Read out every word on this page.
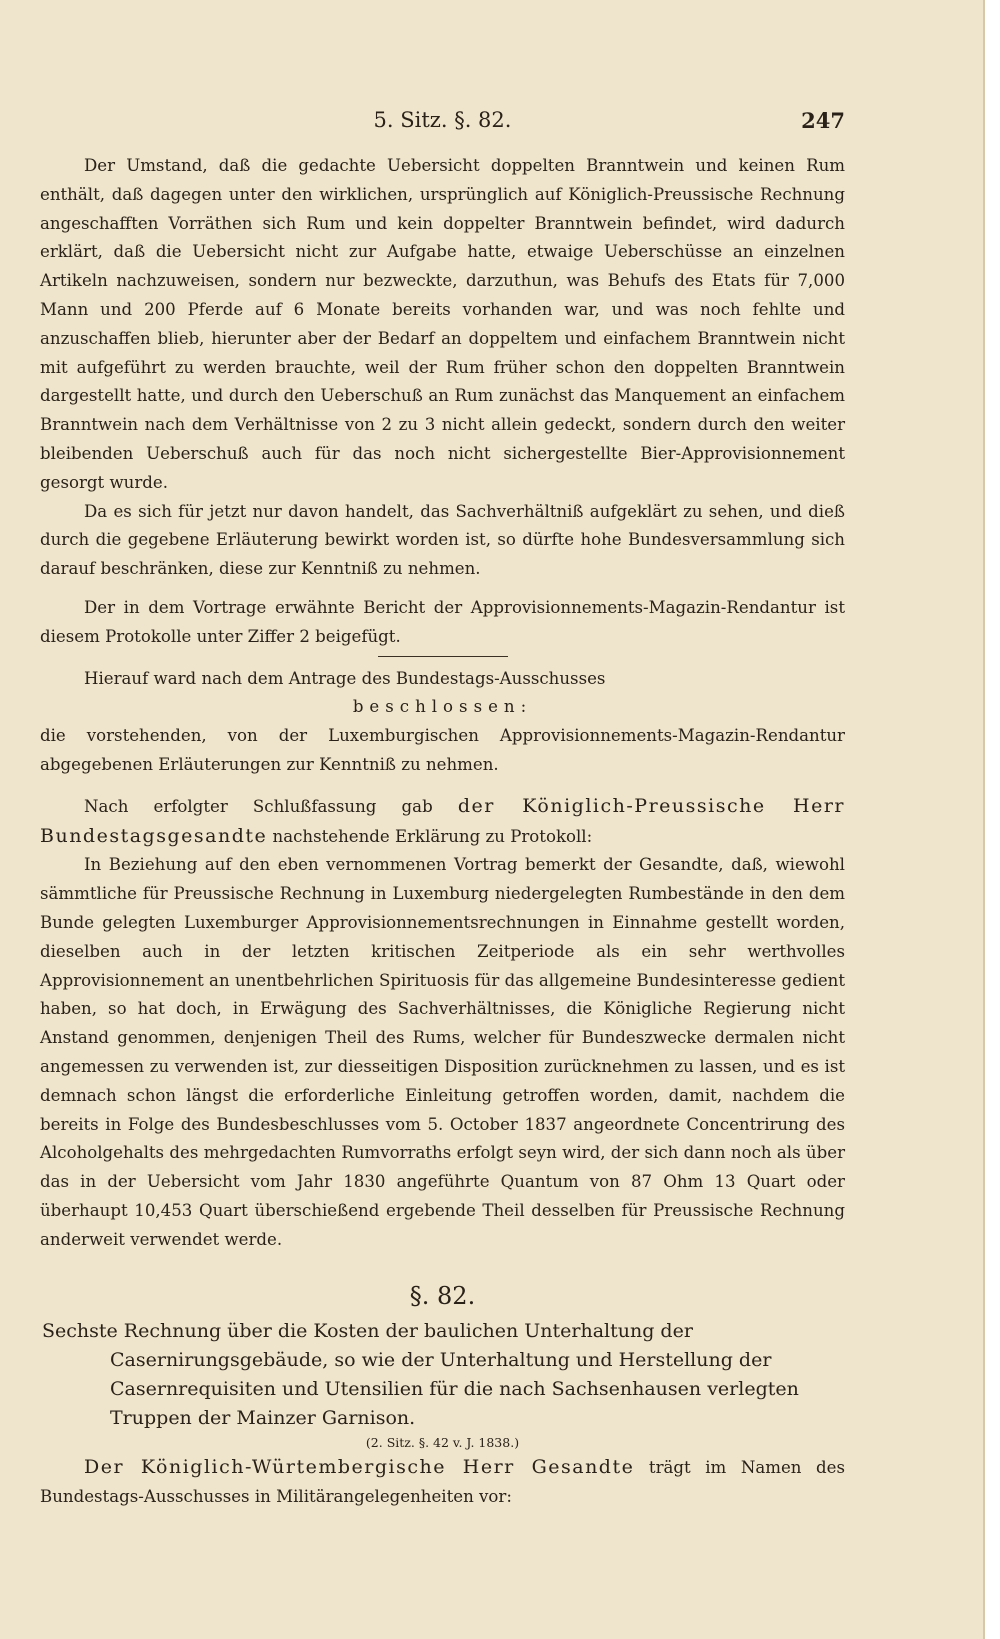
5. Sitz. §. 82.	247

Der Umstand, daß die gedachte Uebersicht doppelten Branntwein und keinen Rum enthält, daß dagegen unter den wirklichen, ursprünglich auf Königlich-Preussische Rechnung angeschafften Vorräthen sich Rum und kein doppelter Branntwein befindet, wird dadurch erklärt, daß die Uebersicht nicht zur Aufgabe hatte, etwaige Ueberschüsse an einzelnen Artikeln nachzuweisen, sondern nur bezweckte, darzuthun, was Behufs des Etats für 7,000 Mann und 200 Pferde auf 6 Monate bereits vorhanden war, und was noch fehlte und anzuschaffen blieb, hierunter aber der Bedarf an doppeltem und einfachem Branntwein nicht mit aufgeführt zu werden brauchte, weil der Rum früher schon den doppelten Branntwein dargestellt hatte, und durch den Ueberschuß an Rum zunächst das Manquement an einfachem Branntwein nach dem Verhältnisse von 2 zu 3 nicht allein gedeckt, sondern durch den weiter bleibenden Ueberschuß auch für das noch nicht sichergestellte Bier-Approvisionnement gesorgt wurde.

Da es sich für jetzt nur davon handelt, das Sachverhältniß aufgeklärt zu sehen, und dieß durch die gegebene Erläuterung bewirkt worden ist, so dürfte hohe Bundesversammlung sich darauf beschränken, diese zur Kenntniß zu nehmen.

Der in dem Vortrage erwähnte Bericht der Approvisionnements-Magazin-Rendantur ist diesem Protokolle unter Ziffer 2 beigefügt.

Hierauf ward nach dem Antrage des Bundestags-Ausschusses

beschlossen:

die vorstehenden, von der Luxemburgischen Approvisionnements-Magazin-Rendantur abgegebenen Erläuterungen zur Kenntniß zu nehmen.

Nach erfolgter Schlußfassung gab der Königlich-Preussische Herr Bundestagsgesandte nachstehende Erklärung zu Protokoll:

In Beziehung auf den eben vernommenen Vortrag bemerkt der Gesandte, daß, wiewohl sämmtliche für Preussische Rechnung in Luxemburg niedergelegten Rumbestände in den dem Bunde gelegten Luxemburger Approvisionnementsrechnungen in Einnahme gestellt worden, dieselben auch in der letzten kritischen Zeitperiode als ein sehr werthvolles Approvisionnement an unentbehrlichen Spirituosis für das allgemeine Bundesinteresse gedient haben, so hat doch, in Erwägung des Sachverhältnisses, die Königliche Regierung nicht Anstand genommen, denjenigen Theil des Rums, welcher für Bundeszwecke dermalen nicht angemessen zu verwenden ist, zur diesseitigen Disposition zurücknehmen zu lassen, und es ist demnach schon längst die erforderliche Einleitung getroffen worden, damit, nachdem die bereits in Folge des Bundesbeschlusses vom 5. October 1837 angeordnete Concentrirung des Alcoholgehalts des mehrgedachten Rumvorraths erfolgt seyn wird, der sich dann noch als über das in der Uebersicht vom Jahr 1830 angeführte Quantum von 87 Ohm 13 Quart oder überhaupt 10,453 Quart überschießend ergebende Theil desselben für Preussische Rechnung anderweit verwendet werde.

§. 82.

Sechste Rechnung über die Kosten der baulichen Unterhaltung der Casernirungsgebäude, so wie der Unterhaltung und Herstellung der Casernrequisiten und Utensilien für die nach Sachsenhausen verlegten Truppen der Mainzer Garnison.

(2. Sitz. §. 42 v. J. 1838.)

Der Königlich-Würtembergische Herr Gesandte trägt im Namen des Bundestags-Ausschusses in Militärangelegenheiten vor:
